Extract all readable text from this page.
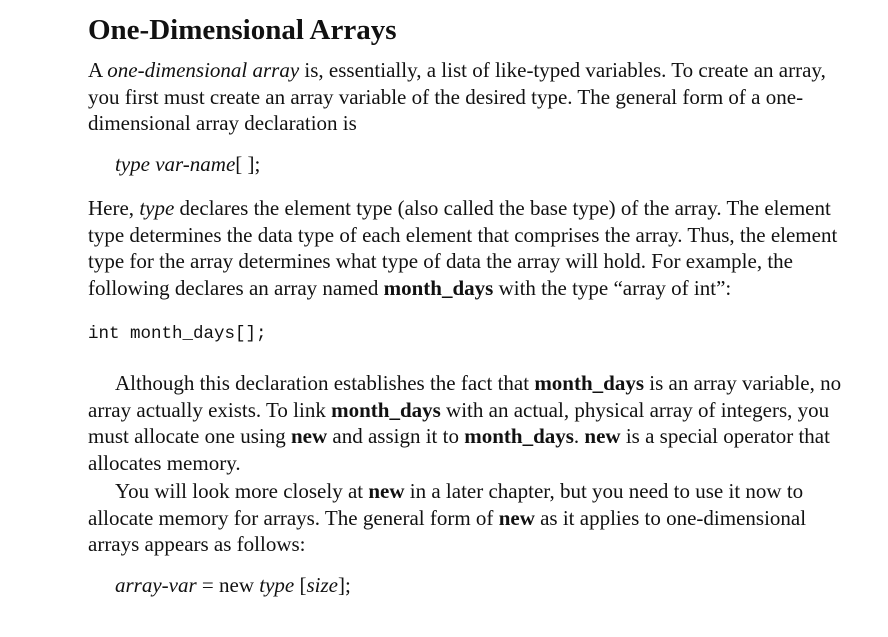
One-Dimensional Arrays

A one-dimensional array is, essentially, a list of like-typed variables. To create an array, you first must create an array variable of the desired type. The general form of a one-dimensional array declaration is

type var-name[ ];

Here, type declares the element type (also called the base type) of the array. The element type determines the data type of each element that comprises the array. Thus, the element type for the array determines what type of data the array will hold. For example, the following declares an array named month_days with the type “array of int”:

int month_days[];

Although this declaration establishes the fact that month_days is an array variable, no array actually exists. To link month_days with an actual, physical array of integers, you must allocate one using new and assign it to month_days. new is a special operator that allocates memory.

You will look more closely at new in a later chapter, but you need to use it now to allocate memory for arrays. The general form of new as it applies to one-dimensional arrays appears as follows:

array-var = new type [size];
